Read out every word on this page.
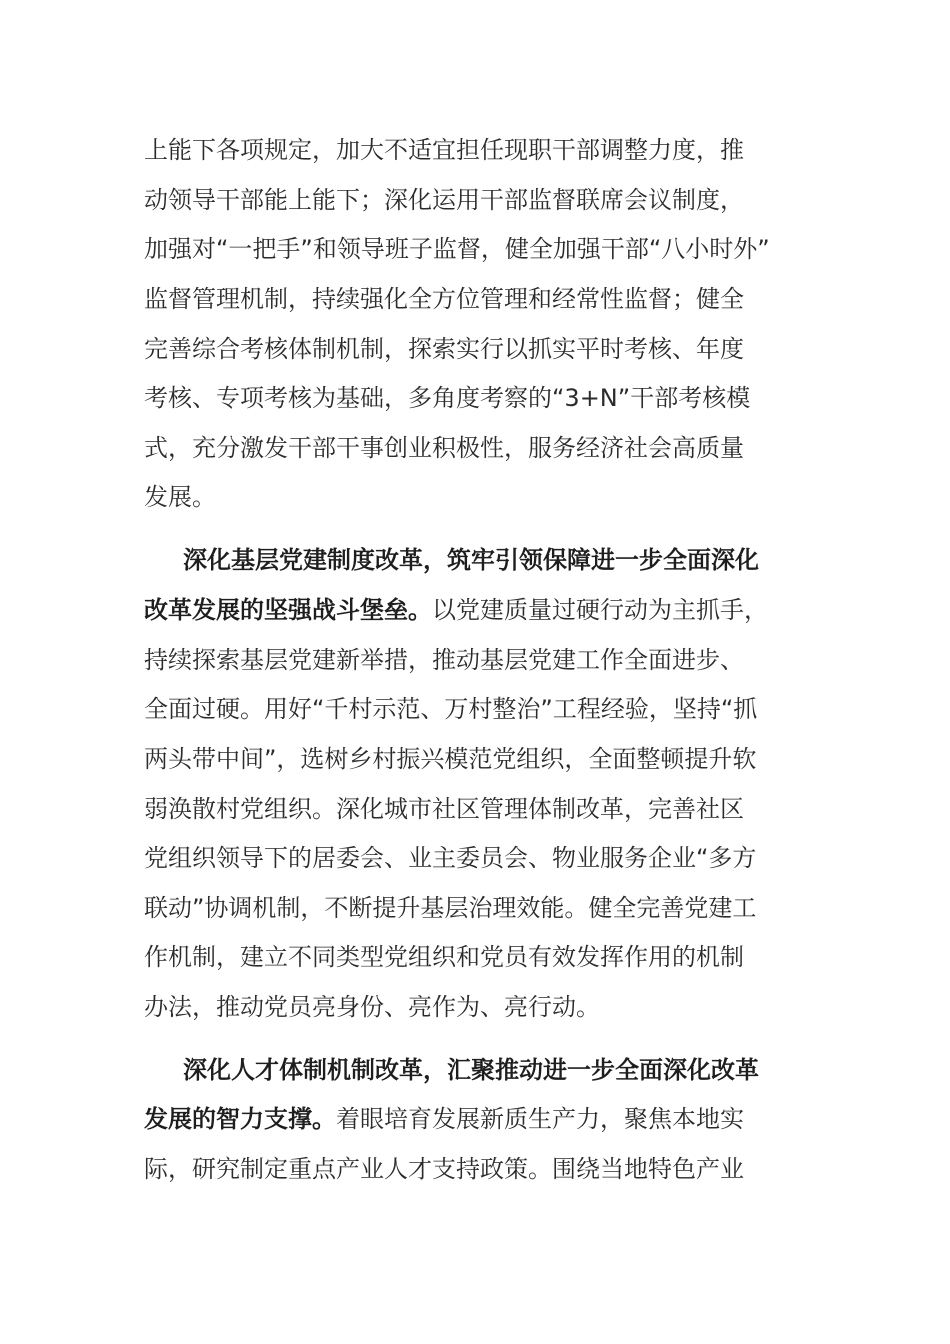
上能下各项规定，加大不适宜担任现职干部调整力度，推
动领导干部能上能下；深化运用干部监督联席会议制度，
加强对“一把手”和领导班子监督，健全加强干部“八小时外”
监督管理机制，持续强化全方位管理和经常性监督；健全
完善综合考核体制机制，探索实行以抓实平时考核、年度
考核、专项考核为基础，多角度考察的“3+N”干部考核模
式，充分激发干部干事创业积极性，服务经济社会高质量
发展。
深化基层党建制度改革，筑牢引领保障进一步全面深化
改革发展的坚强战斗堡垒。以党建质量过硬行动为主抓手，
持续探索基层党建新举措，推动基层党建工作全面进步、
全面过硬。用好“千村示范、万村整治”工程经验，坚持“抓
两头带中间”，选树乡村振兴模范党组织，全面整顿提升软
弱涣散村党组织。深化城市社区管理体制改革，完善社区
党组织领导下的居委会、业主委员会、物业服务企业“多方
联动”协调机制，不断提升基层治理效能。健全完善党建工
作机制，建立不同类型党组织和党员有效发挥作用的机制
办法，推动党员亮身份、亮作为、亮行动。
深化人才体制机制改革，汇聚推动进一步全面深化改革
发展的智力支撑。着眼培育发展新质生产力，聚焦本地实
际，研究制定重点产业人才支持政策。围绕当地特色产业
